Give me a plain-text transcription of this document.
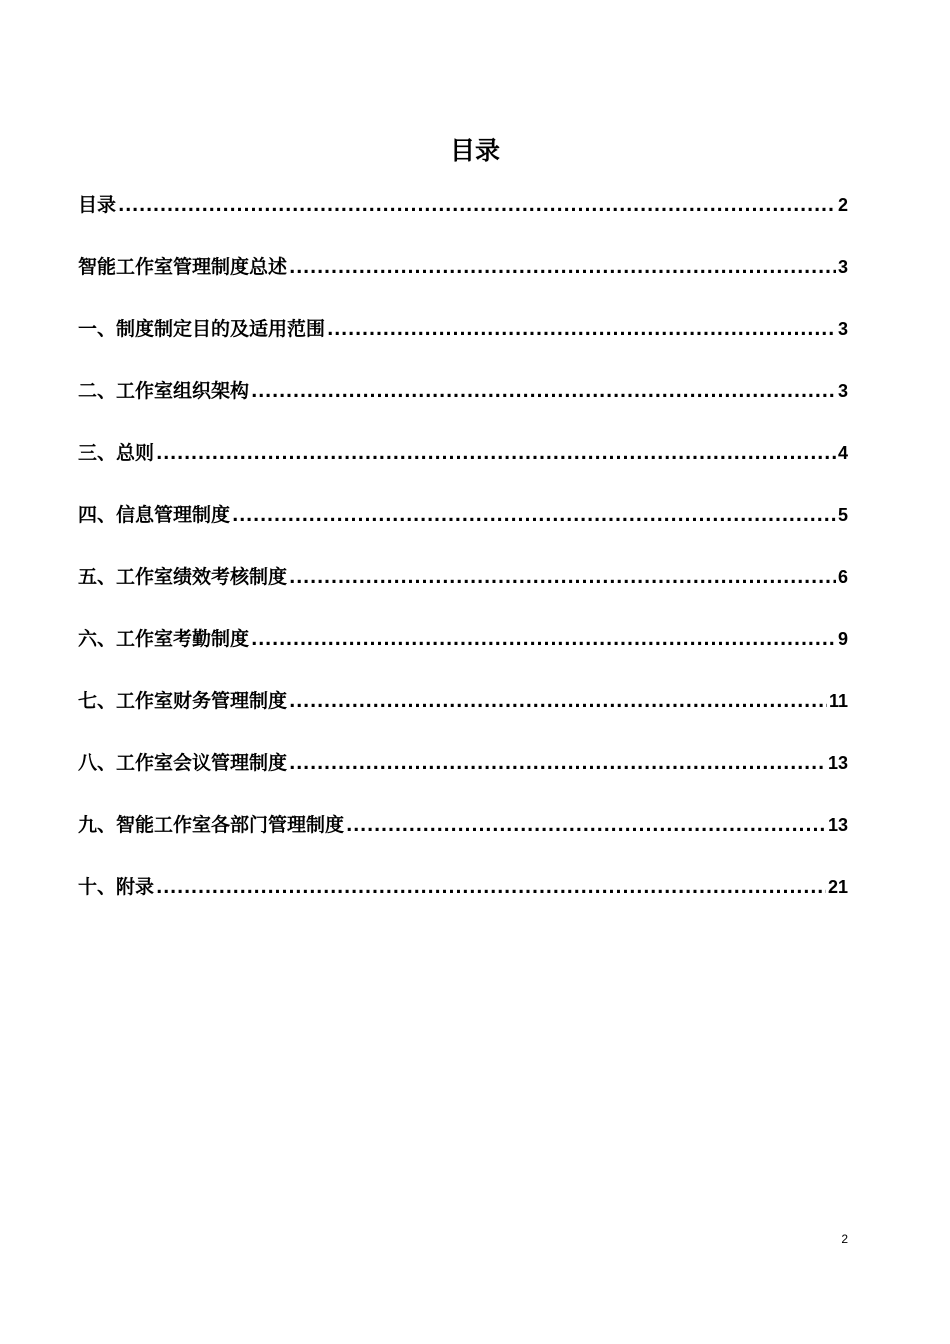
目录
目录 .....	2
智能工作室管理制度总述 .....	3
一、制度制定目的及适用范围 .....	3
二、工作室组织架构 .....	3
三、总则 .....	4
四、信息管理制度 .....	5
五、工作室绩效考核制度 .....	6
六、工作室考勤制度 .....	9
七、工作室财务管理制度 .....	11
八、工作室会议管理制度 .....	13
九、智能工作室各部门管理制度 .....	13
十、附录 .....	21
2
